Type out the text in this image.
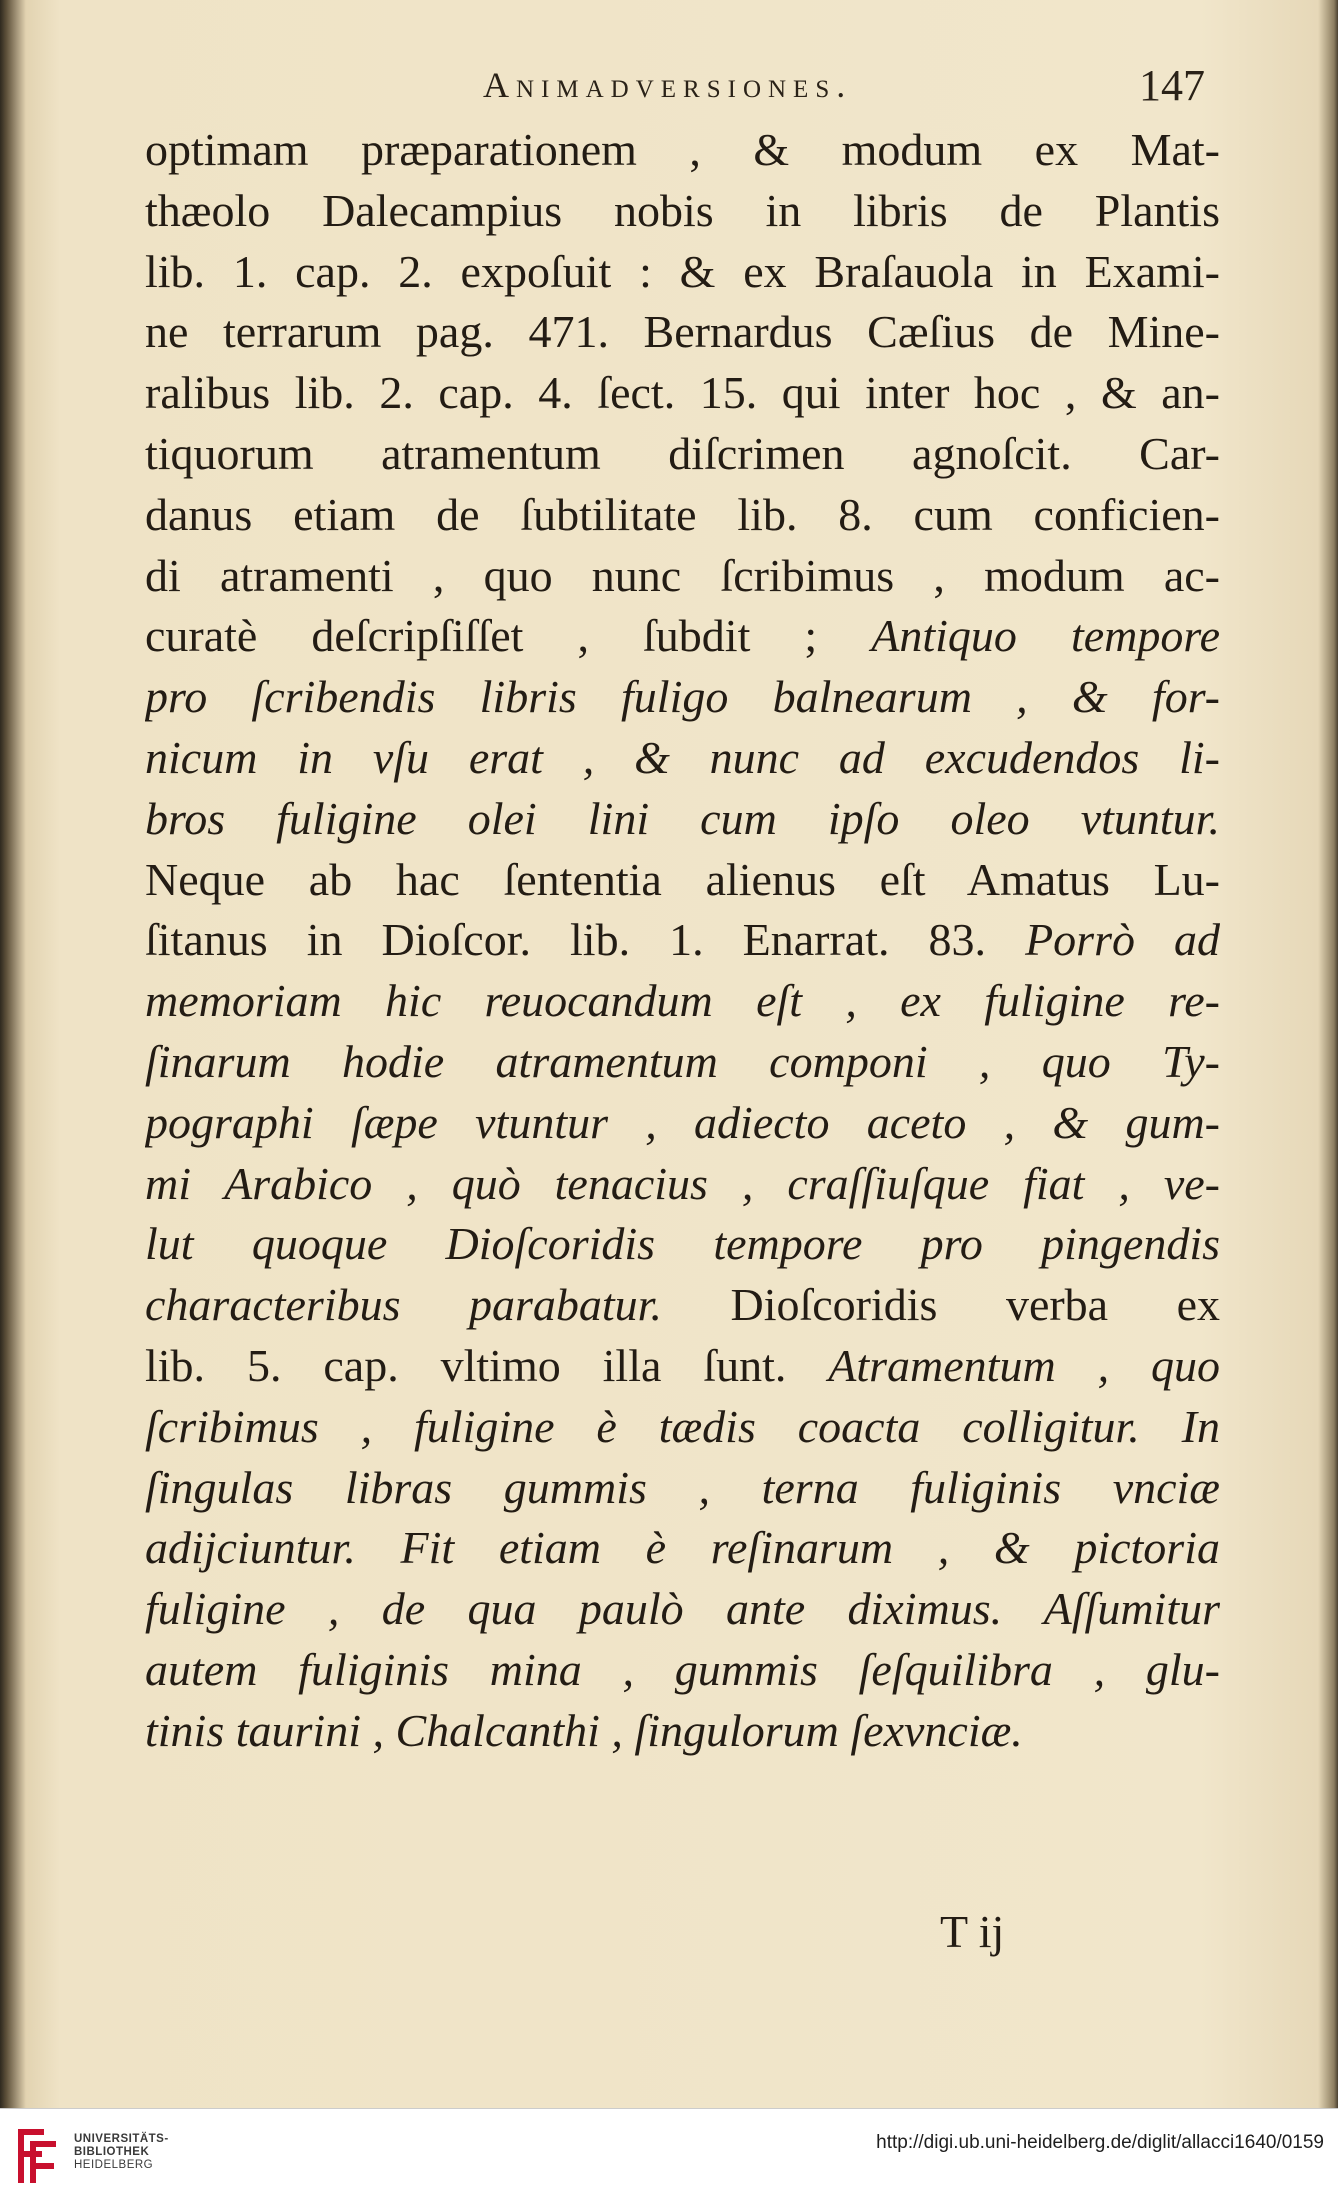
Animadversiones.	147
optimam præparationem , & modum ex Mat-
thæolo Dalecampius nobis in libris de Plantis
lib. 1. cap. 2. expoſuit : & ex Braſauola in Exami-
ne terrarum pag. 471. Bernardus Cæſius de Mine-
ralibus lib. 2. cap. 4. ſect. 15. qui inter hoc , & an-
tiquorum atramentum diſcrimen agnoſcit. Car-
danus etiam de ſubtilitate lib. 8. cum conficien-
di atramenti , quo nunc ſcribimus , modum ac-
curatè deſcripſiſſet , ſubdit ; Antiquo tempore
pro ſcribendis libris fuligo balnearum , & for-
nicum in vſu erat , & nunc ad excudendos li-
bros fuligine olei lini cum ipſo oleo vtuntur.
Neque ab hac ſententia alienus eſt Amatus Lu-
ſitanus in Dioſcor. lib. 1. Enarrat. 83. Porrò ad
memoriam hic reuocandum eſt , ex fuligine re-
ſinarum hodie atramentum componi , quo Ty-
pographi ſæpe vtuntur , adiecto aceto , & gum-
mi Arabico , quò tenacius , craſſiuſque fiat , ve-
lut quoque Dioſcoridis tempore pro pingendis
characteribus parabatur. Dioſcoridis verba ex
lib. 5. cap. vltimo illa ſunt. Atramentum , quo
ſcribimus , fuligine è tædis coacta colligitur. In
ſingulas libras gummis , terna fuliginis vnciæ
adijciuntur. Fit etiam è reſinarum , & pictoria
fuligine , de qua paulò ante diximus. Aſſumitur
autem fuliginis mina , gummis ſeſquilibra , glu-
tinis taurini , Chalcanthi , ſingulorum ſexvnciæ.
T ij
UNIVERSITÄTS-
BIBLIOTHEK
HEIDELBERG
http://digi.ub.uni-heidelberg.de/diglit/allacci1640/0159
